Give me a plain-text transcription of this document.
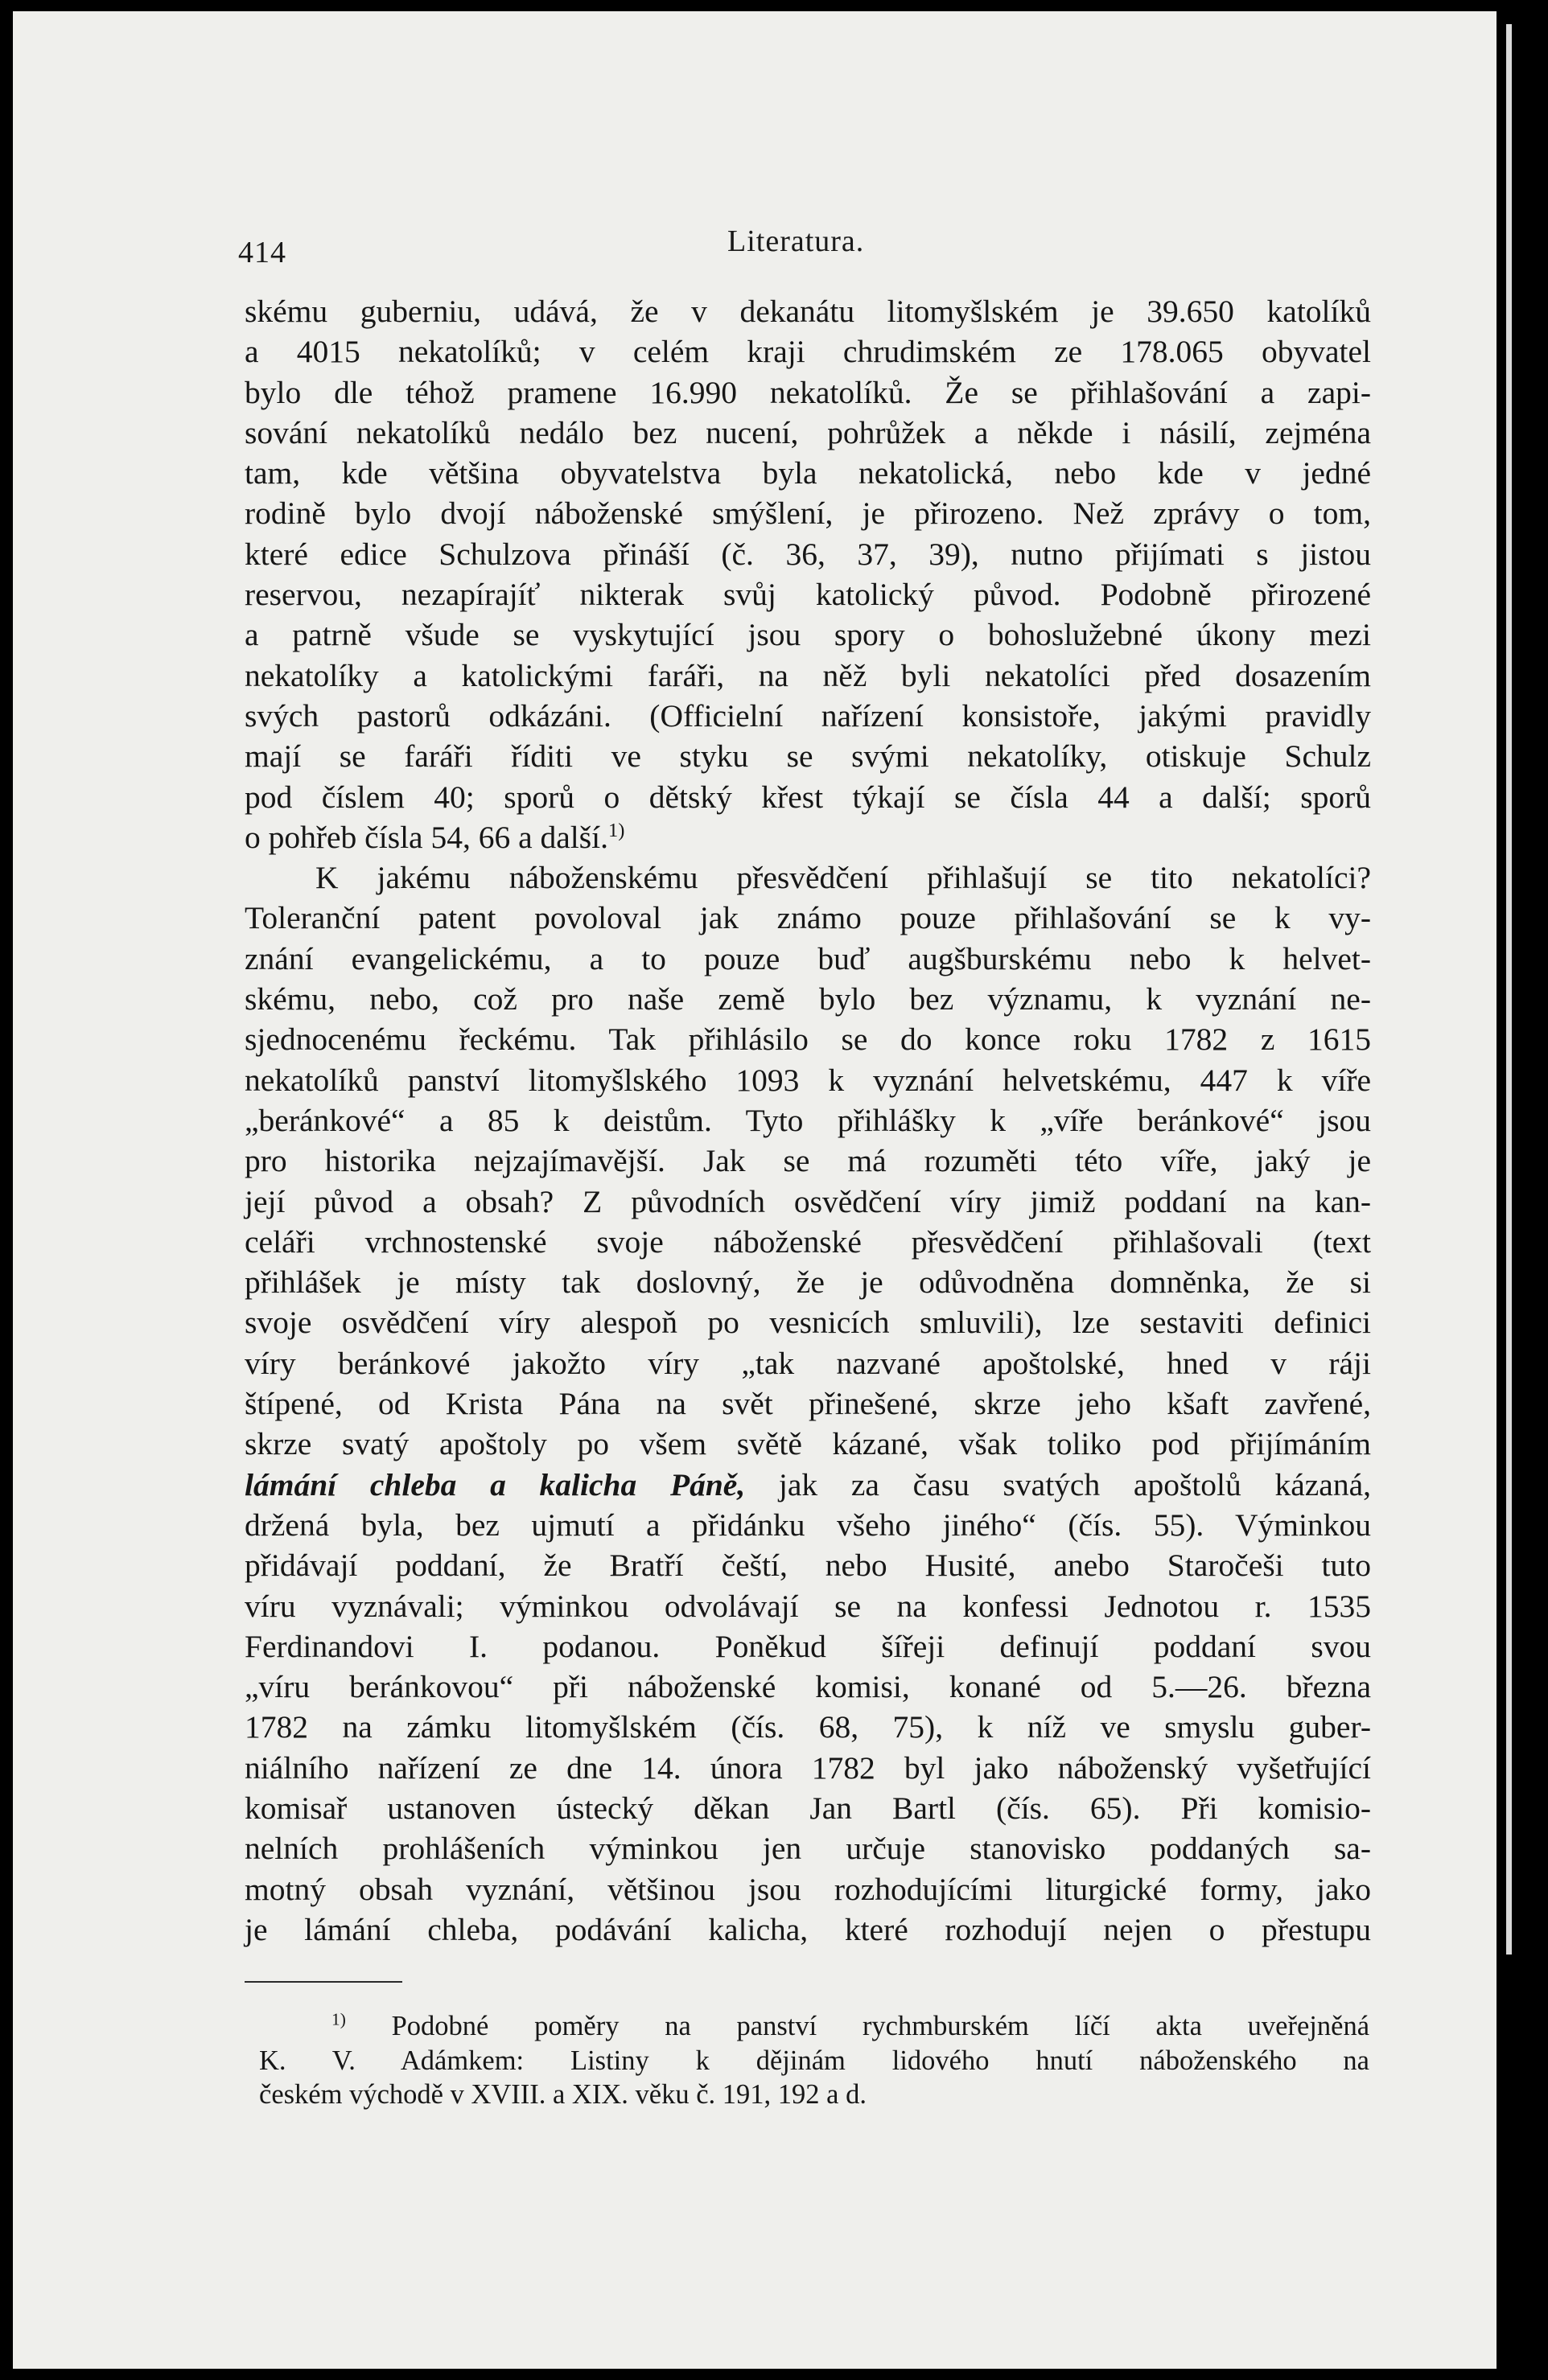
414	Literatura.
skému guberniu, udává, že v dekanátu litomyšlském je 39.650 katolíků
a 4015 nekatolíků; v celém kraji chrudimském ze 178.065 obyvatel
bylo dle téhož pramene 16.990 nekatolíků. Že se přihlašování a zapi-
sování nekatolíků nedálo bez nucení, pohrůžek a někde i násilí, zejména
tam, kde většina obyvatelstva byla nekatolická, nebo kde v jedné
rodině bylo dvojí náboženské smýšlení, je přirozeno. Než zprávy o tom,
které edice Schulzova přináší (č. 36, 37, 39), nutno přijímati s jistou
reservou, nezapírajíť nikterak svůj katolický původ. Podobně přirozené
a patrně všude se vyskytující jsou spory o bohoslužebné úkony mezi
nekatolíky a katolickými faráři, na něž byli nekatolíci před dosazením
svých pastorů odkázáni. (Officielní nařízení konsistoře, jakými pravidly
mají se faráři říditi ve styku se svými nekatolíky, otiskuje Schulz
pod číslem 40; sporů o dětský křest týkají se čísla 44 a další; sporů
o pohřeb čísla 54, 66 a další.$^{1)}$
K jakému náboženskému přesvědčení přihlašují se tito nekatolíci?
Toleranční patent povoloval jak známo pouze přihlašování se k vy-
znání evangelickému, a to pouze buď augšburskému nebo k helvet-
skému, nebo, což pro naše země bylo bez významu, k vyznání ne-
sjednocenému řeckému. Tak přihlásilo se do konce roku 1782 z 1615
nekatolíků panství litomyšlského 1093 k vyznání helvetskému, 447 k víře
„beránkové“ a 85 k deistům. Tyto přihlášky k „víře beránkové“ jsou
pro historika nejzajímavější. Jak se má rozuměti této víře, jaký je
její původ a obsah? Z původních osvědčení víry jimiž poddaní na kan-
celáři vrchnostenské svoje náboženské přesvědčení přihlašovali (text
přihlášek je místy tak doslovný, že je odůvodněna domněnka, že si
svoje osvědčení víry alespoň po vesnicích smluvili), lze sestaviti definici
víry beránkové jakožto víry „tak nazvané apoštolské, hned v ráji
štípené, od Krista Pána na svět přinešené, skrze jeho kšaft zavřené,
skrze svatý apoštoly po všem světě kázané, však toliko pod přijímáním
lámání chleba a kalicha Páně, jak za času svatých apoštolů kázaná,
držená byla, bez ujmutí a přidánku všeho jiného“ (čís. 55). Výminkou
přidávají poddaní, že Bratří čeští, nebo Husité, anebo Staročeši tuto
víru vyznávali; výminkou odvolávají se na konfessi Jednotou r. 1535
Ferdinandovi I. podanou. Poněkud šířeji definují poddaní svou
„víru beránkovou“ při náboženské komisi, konané od 5.—26. března
1782 na zámku litomyšlském (čís. 68, 75), k níž ve smyslu guber-
niálního nařízení ze dne 14. února 1782 byl jako náboženský vyšetřující
komisař ustanoven ústecký děkan Jan Bartl (čís. 65). Při komisio-
nelních prohlášeních výminkou jen určuje stanovisko poddaných sa-
motný obsah vyznání, většinou jsou rozhodujícími liturgické formy, jako
je lámání chleba, podávání kalicha, které rozhodují nejen o přestupu
$^{1)}$ Podobné poměry na panství rychmburském líčí akta uveřejněná
K. V. Adámkem: Listiny k dějinám lidového hnutí náboženského na
českém východě v XVIII. a XIX. věku č. 191, 192 a d.
